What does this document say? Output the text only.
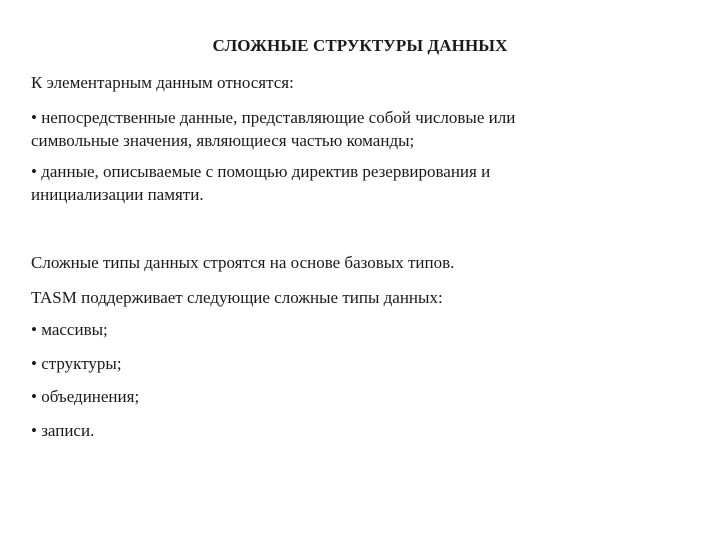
СЛОЖНЫЕ СТРУКТУРЫ ДАННЫХ
К элементарным данным относятся:
• непосредственные данные, представляющие собой числовые или
символьные значения, являющиеся частью команды;
• данные, описываемые с помощью директив резервирования и
инициализации памяти.
Сложные типы данных строятся на основе базовых типов.
TASM поддерживает следующие сложные типы данных:
• массивы;
• структуры;
• объединения;
• записи.
